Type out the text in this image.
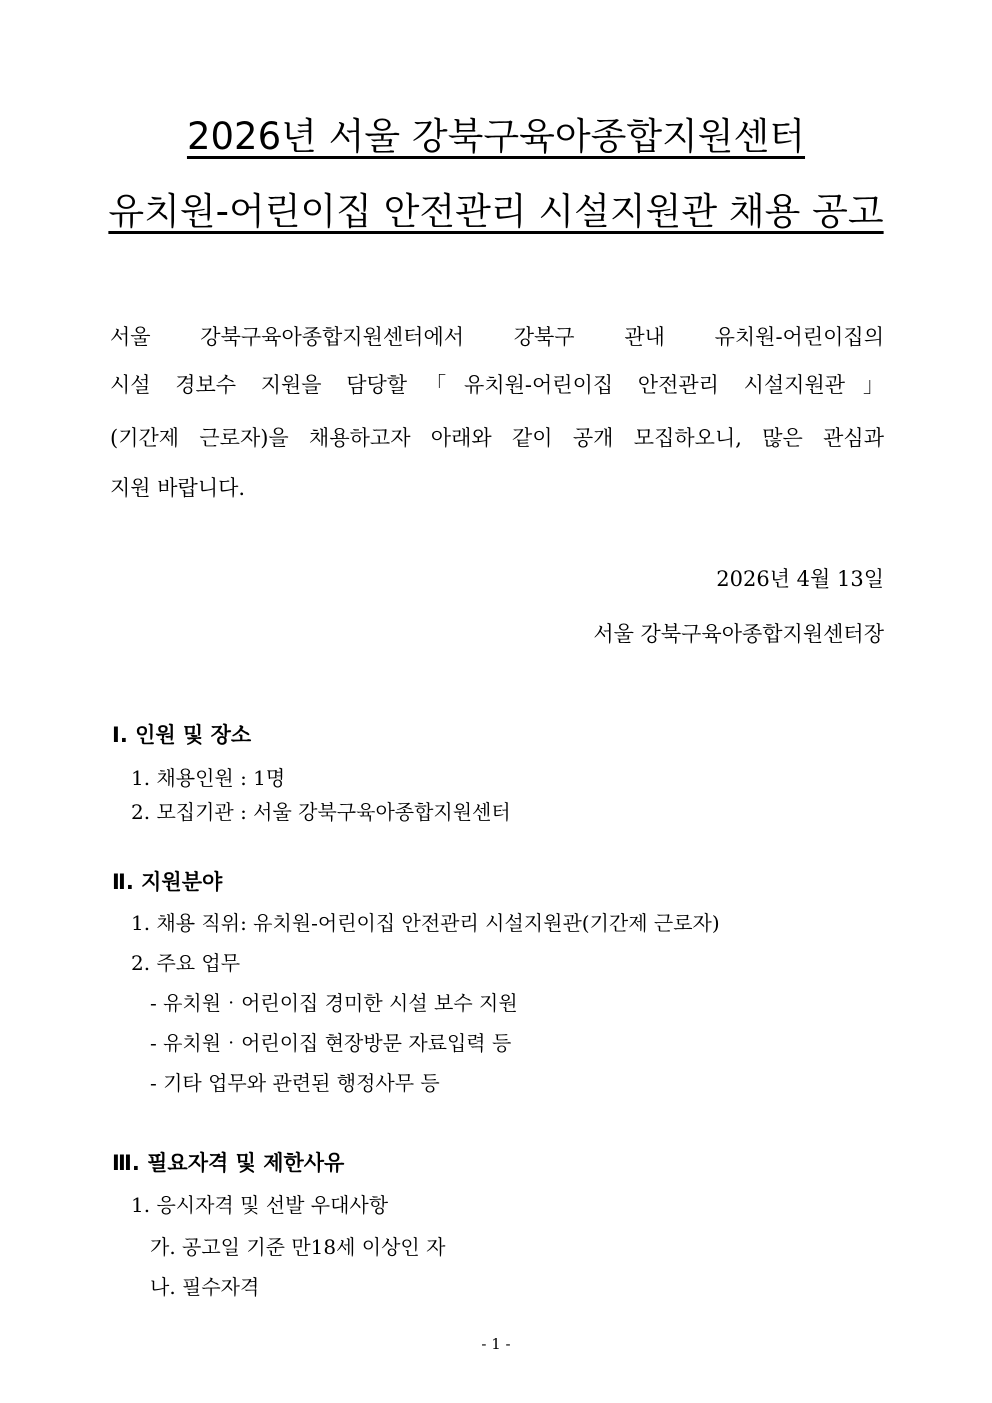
2026년 서울 강북구육아종합지원센터
유치원-어린이집 안전관리 시설지원관 채용 공고
서울 강북구육아종합지원센터에서 강북구 관내 유치원-어린이집의
시설 경보수 지원을 담당할「유치원-어린이집 안전관리 시설지원관」
(기간제 근로자)을 채용하고자 아래와 같이 공개 모집하오니, 많은 관심과
지원 바랍니다.
2026년 4월 13일
서울 강북구육아종합지원센터장
Ⅰ. 인원 및 장소
1. 채용인원 : 1명
2. 모집기관 : 서울 강북구육아종합지원센터
Ⅱ. 지원분야
1. 채용 직위: 유치원-어린이집 안전관리 시설지원관(기간제 근로자)
2. 주요 업무
- 유치원‧어린이집 경미한 시설 보수 지원
- 유치원‧어린이집 현장방문 자료입력 등
- 기타 업무와 관련된 행정사무 등
Ⅲ. 필요자격 및 제한사유
1. 응시자격 및 선발 우대사항
가. 공고일 기준 만18세 이상인 자
나. 필수자격
- 1 -
